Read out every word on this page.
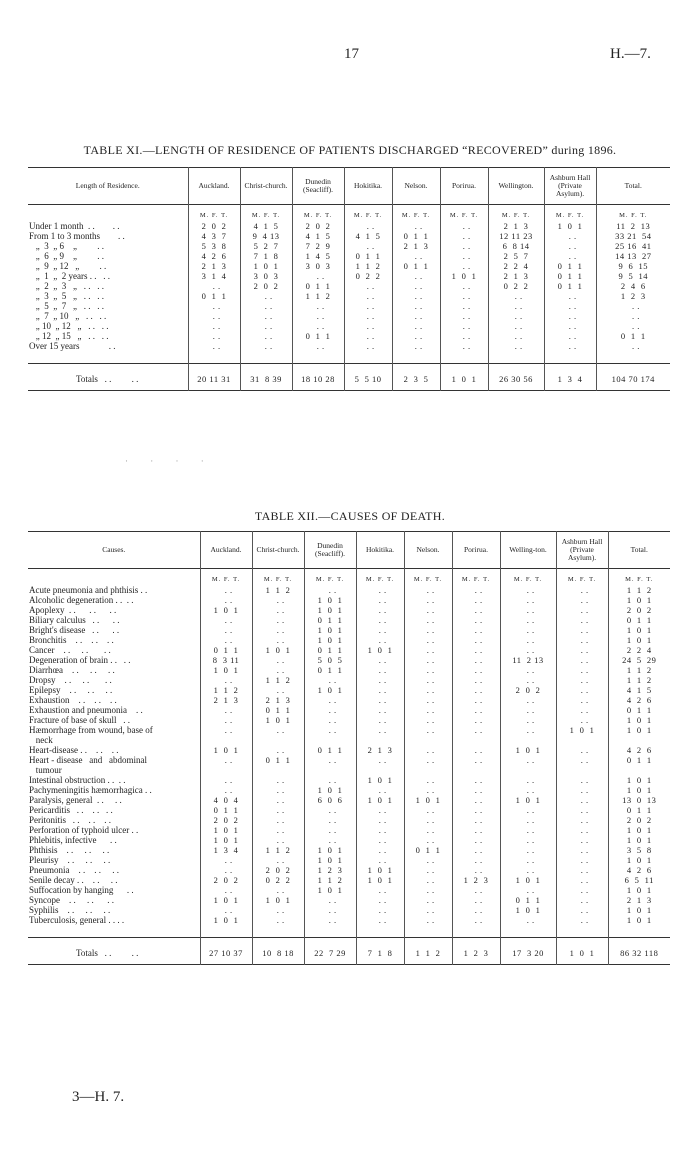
17	H.—7.
TABLE XI.—LENGTH OF RESIDENCE OF PATIENTS DISCHARGED “RECOVERED” during 1896.
Length of Residence.	Auckland.	Christ-church.	Dunedin (Seacliff).	Hokitika.	Nelson.	Porirua.	Wellington.	Ashburn Hall (Private Asylum).	Total.
	M. F. T.	M. F. T.	M. F. T.	M. F. T.	M. F. T.	M. F. T.	M. F. T.	M. F. T.	M. F. T.
Under 1 month  . .        . .	2  0  2	4  1  5	2  0  2	. .	. .	. .	2  1  3	1  0  1	11  2  13
From 1 to 3 months        . .	4  3  7	9  4 13	4  1  5	4  1  5	0  1  1	. .	12 11 23	. .	33 21  54
„  3  „ 6    „         . .	5  3  8	5  2  7	7  2  9	. .	2  1  3	. .	6  8 14	. .	25 16  41
„  6  „ 9    „         . .	4  2  6	7  1  8	1  4  5	0  1  1	. .	. .	2  5  7	. .	14 13  27
„  9  „ 12   „         . .	2  1  3	1  0  1	3  0  3	1  1  2	0  1  1	. .	2  2  4	0  1  1	9  6  15
„  1  „  2 years . .   . .	3  1  4	3  0  3	. .	0  2  2	. .	1  0  1	2  1  3	0  1  1	9  5  14
„  2  „  3   „   . .   . .	. .	2  0  2	0  1  1	. .	. .	. .	0  2  2	0  1  1	2  4  6
„  3  „  5   „   . .   . .	0  1  1	. .	1  1  2	. .	. .	. .	. .	. .	1  2  3
„  5  „  7   „   . .   . .	. .	. .	. .	. .	. .	. .	. .	. .	. .
„  7  „ 10   „   . .   . .	. .	. .	. .	. .	. .	. .	. .	. .	. .
„ 10  „ 12   „   . .   . .	. .	. .	. .	. .	. .	. .	. .	. .	. .
„ 12  „ 15   „   . .   . .	. .	. .	0  1  1	. .	. .	. .	. .	. .	0  1  1
Over 15 years             . .	. .	. .	. .	. .	. .	. .	. .	. .	. .

Totals   . .         . .	20 11 31	31  8 39	18 10 28	5  5 10	2  3  5	1  0  1	26 30 56	1  3  4	104 70 174
· · · ·
TABLE XII.—CAUSES OF DEATH.
Causes.	Auckland.	Christ-church.	Dunedin (Seacliff).	Hokitika.	Nelson.	Porirua.	Welling-ton.	Ashburn Hall (Private Asylum).	Total.
	M. F. T.	M. F. T.	M. F. T.	M. F. T.	M. F. T.	M. F. T.	M. F. T.	M. F. T.	M. F. T.
Acute pneumonia and phthisis . .	. .	1  1  2	. .	. .	. .	. .	. .	. .	1  1  2
Alcoholic degeneration . .  . .	. .	. .	1  0  1	. .	. .	. .	. .	. .	1  0  1
Apoplexy  . .      . .      . .	1  0  1	. .	1  0  1	. .	. .	. .	. .	. .	2  0  2
Biliary calculus   . .      . .	. .	. .	0  1  1	. .	. .	. .	. .	. .	0  1  1
Bright's disease   . .      . .	. .	. .	1  0  1	. .	. .	. .	. .	. .	1  0  1
Bronchitis    . .    . .    . .	. .	. .	1  0  1	. .	. .	. .	. .	. .	1  0  1
Cancer    . .     . .       . .	0  1  1	1  0  1	0  1  1	1  0  1	. .	. .	. .	. .	2  2  4
Degeneration of brain . .   . .	8  3 11	. .	5  0  5	. .	. .	. .	11  2 13	. .	24  5  29
Diarrhœa    . .     . .     . .	1  0  1	. .	0  1  1	. .	. .	. .	. .	. .	1  1  2
Dropsy    . .     . .       . .	. .	1  1  2	. .	. .	. .	. .	. .	. .	1  1  2
Epilepsy    . .     . .     . .	1  1  2	. .	1  0  1	. .	. .	. .	2  0  2	. .	4  1  5
Exhaustion    . .    . .    . .	2  1  3	2  1  3	. .	. .	. .	. .	. .	. .	4  2  6
Exhaustion and pneumonia    . .	. .	0  1  1	. .	. .	. .	. .	. .	. .	0  1  1
Fracture of base of skull   . .	. .	1  0  1	. .	. .	. .	. .	. .	. .	1  0  1
Hæmorrhage from wound, base of
neck	. .	. .	. .	. .	. .	. .	. .	1  0  1	1  0  1
Heart-disease . .    . .    . .	1  0  1	. .	0  1  1	2  1  3	. .	. .	1  0  1	. .	4  2  6
Heart - disease   and   abdominal
tumour	. .	0  1  1	. .	. .	. .	. .	. .	. .	0  1  1
Intestinal obstruction . .  . .	. .	. .	. .	1  0  1	. .	. .	. .	. .	1  0  1
Pachymeningitis hæmorrhagica . .	. .	. .	1  0  1	. .	. .	. .	. .	. .	1  0  1
Paralysis, general  . .     . .	4  0  4	. .	6  0  6	1  0  1	1  0  1	. .	1  0  1	. .	13  0  13
Pericarditis   . .    . .   . .	0  1  1	. .	. .	. .	. .	. .	. .	. .	0  1  1
Peritonitis   . .    . .    . .	2  0  2	. .	. .	. .	. .	. .	. .	. .	2  0  2
Perforation of typhoid ulcer . .	1  0  1	. .	. .	. .	. .	. .	. .	. .	1  0  1
Phlebitis, infective      . .	1  0  1	. .	. .	. .	. .	. .	. .	. .	1  0  1
Phthisis    . .     . .     . .	1  3  4	1  1  2	1  0  1	. .	0  1  1	. .	. .	. .	3  5  8
Pleurisy    . .     . .     . .	. .	. .	1  0  1	. .	. .	. .	. .	. .	1  0  1
Pneumonia    . .    . .     . .	. .	2  0  2	1  2  3	1  0  1	. .	. .	. .	. .	4  2  6
Senile decay . .    . .     . .	2  0  2	0  2  2	1  1  2	1  0  1	. .	1  2  3	1  0  1	. .	6  5  11
Suffocation by hanging      . .	. .	. .	1  0  1	. .	. .	. .	. .	. .	1  0  1
Syncope    . .     . .      . .	1  0  1	1  0  1	. .	. .	. .	. .	0  1  1	. .	2  1  3
Syphilis    . .     . .     . .	. .	. .	. .	. .	. .	. .	1  0  1	. .	1  0  1
Tuberculosis, general . . . .	1  0  1	. .	. .	. .	. .	. .	. .	. .	1  0  1

Totals   . .         . .	27 10 37	10  8 18	22  7 29	7  1  8	1  1  2	1  2  3	17  3 20	1  0  1	86 32 118
3—H. 7.
